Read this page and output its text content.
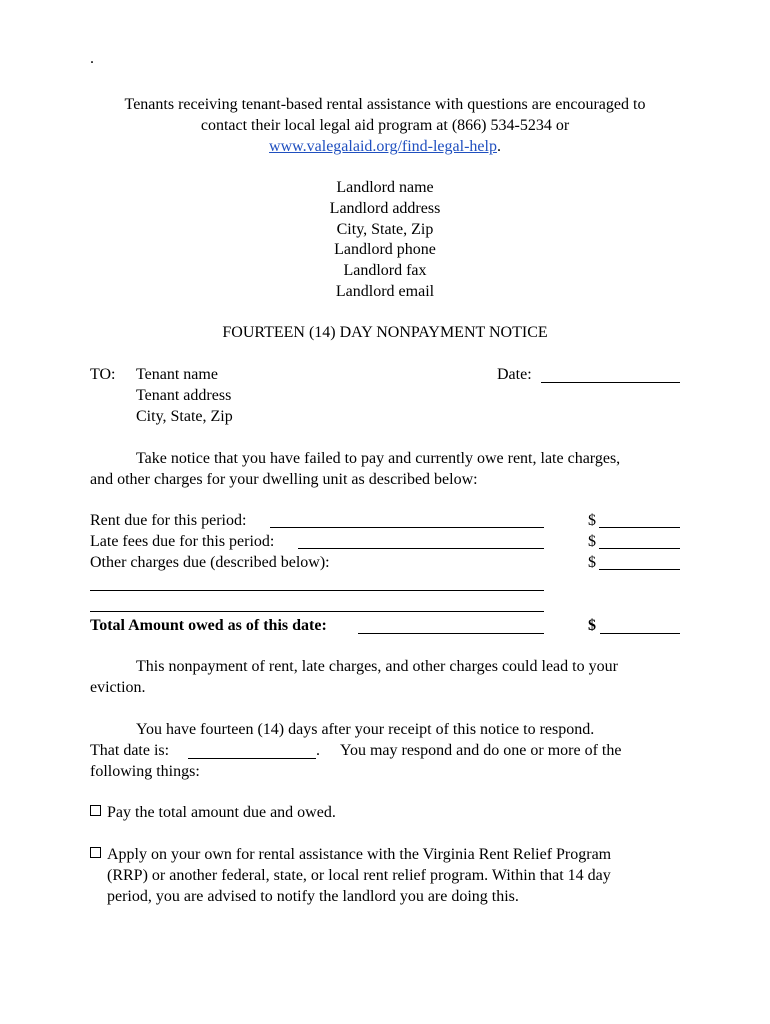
.
Tenants receiving tenant-based rental assistance with questions are encouraged to
contact their local legal aid program at (866) 534-5234 or
www.valegalaid.org/find-legal-help.
Landlord name
Landlord address
City, State, Zip
Landlord phone
Landlord fax
Landlord email
FOURTEEN (14) DAY NONPAYMENT NOTICE
TO: Tenant name
Tenant address
City, State, Zip
Date:
Take notice that you have failed to pay and currently owe rent, late charges,
and other charges for your dwelling unit as described below:
Rent due for this period:	$
Late fees due for this period:	$
Other charges due (described below):	$
Total Amount owed as of this date:	$
This nonpayment of rent, late charges, and other charges could lead to your
eviction.
You have fourteen (14) days after your receipt of this notice to respond.
That date is:	. You may respond and do one or more of the
following things:
Pay the total amount due and owed.
Apply on your own for rental assistance with the Virginia Rent Relief Program
(RRP) or another federal, state, or local rent relief program. Within that 14 day
period, you are advised to notify the landlord you are doing this.
